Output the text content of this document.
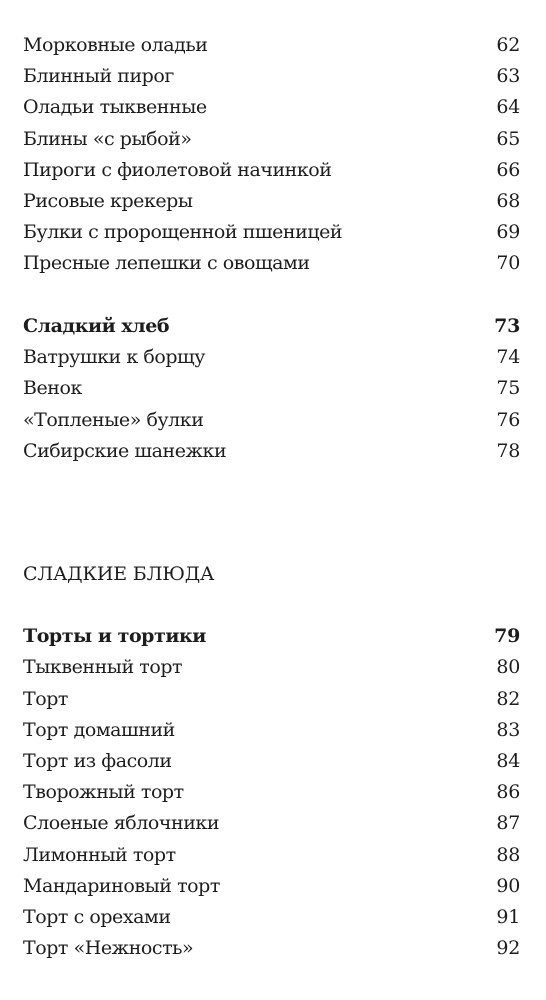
Морковные оладьи	62
Блинный пирог	63
Оладьи тыквенные	64
Блины «с рыбой»	65
Пироги с фиолетовой начинкой	66
Рисовые крекеры	68
Булки с пророщенной пшеницей	69
Пресные лепешки с овощами	70
Сладкий хлеб	73
Ватрушки к борщу	74
Венок	75
«Топленые» булки	76
Сибирские шанежки	78
СЛАДКИЕ БЛЮДА
Торты и тортики	79
Тыквенный торт	80
Торт	82
Торт домашний	83
Торт из фасоли	84
Творожный торт	86
Слоеные яблочники	87
Лимонный торт	88
Мандариновый торт	90
Торт с орехами	91
Торт «Нежность»	92
